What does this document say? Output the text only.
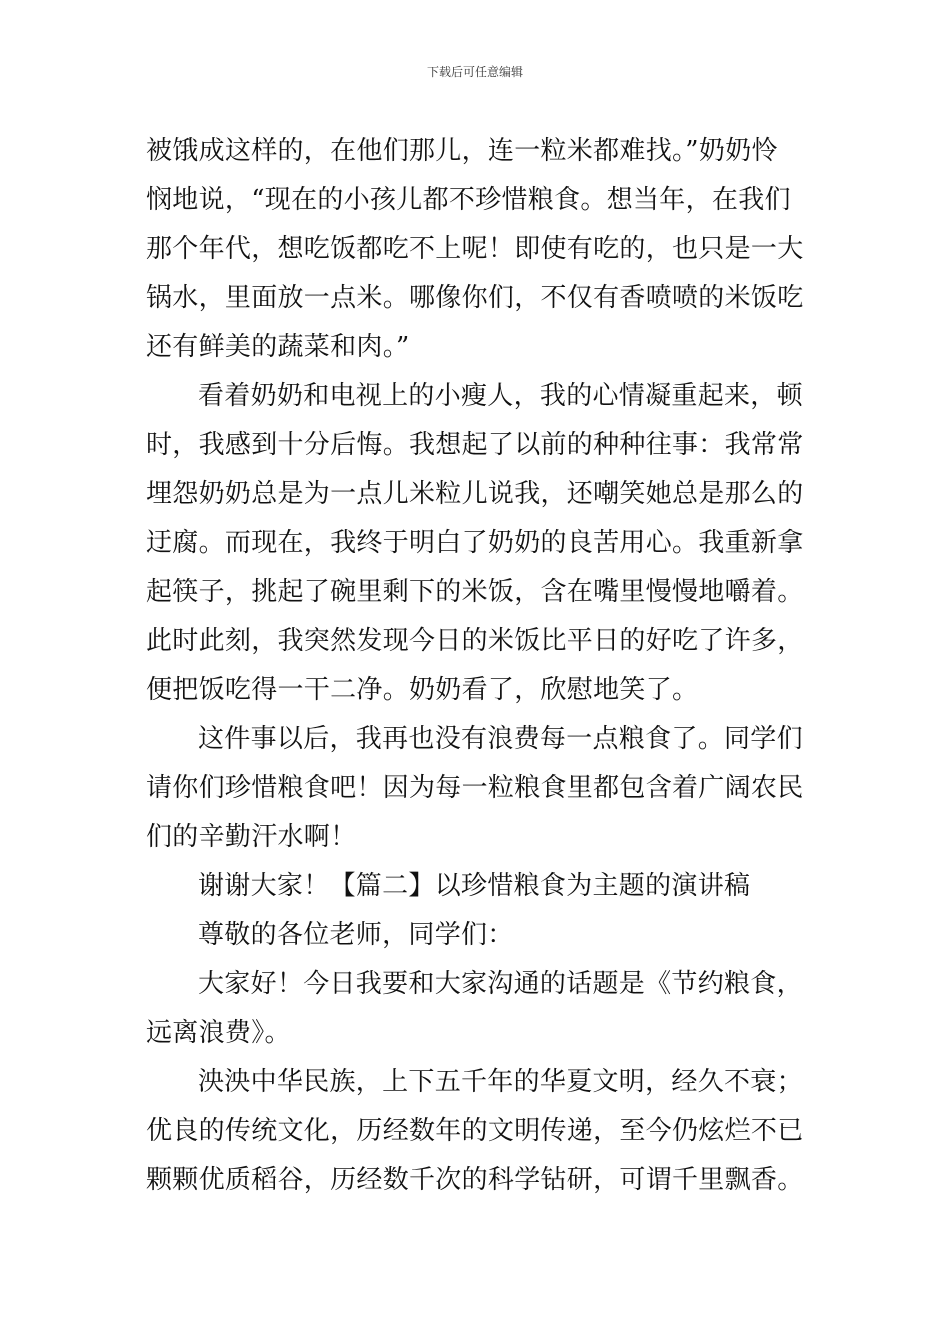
下载后可任意编辑
被饿成这样的，在他们那儿，连一粒米都难找。”奶奶怜
悯地说，“现在的小孩儿都不珍惜粮食。想当年，在我们
那个年代，想吃饭都吃不上呢！即使有吃的，也只是一大
锅水，里面放一点米。哪像你们，不仅有香喷喷的米饭吃
还有鲜美的蔬菜和肉。”
看着奶奶和电视上的小瘦人，我的心情凝重起来，顿
时，我感到十分后悔。我想起了以前的种种往事：我常常
埋怨奶奶总是为一点儿米粒儿说我，还嘲笑她总是那么的
迂腐。而现在，我终于明白了奶奶的良苦用心。我重新拿
起筷子，挑起了碗里剩下的米饭，含在嘴里慢慢地嚼着。
此时此刻，我突然发现今日的米饭比平日的好吃了许多，
便把饭吃得一干二净。奶奶看了，欣慰地笑了。
这件事以后，我再也没有浪费每一点粮食了。同学们
请你们珍惜粮食吧！因为每一粒粮食里都包含着广阔农民
们的辛勤汗水啊！
谢谢大家！【篇二】以珍惜粮食为主题的演讲稿
尊敬的各位老师，同学们：
大家好！今日我要和大家沟通的话题是《节约粮食，
远离浪费》。
泱泱中华民族，上下五千年的华夏文明，经久不衰；
优良的传统文化，历经数年的文明传递，至今仍炫烂不已
颗颗优质稻谷，历经数千次的科学钻研，可谓千里飘香。
